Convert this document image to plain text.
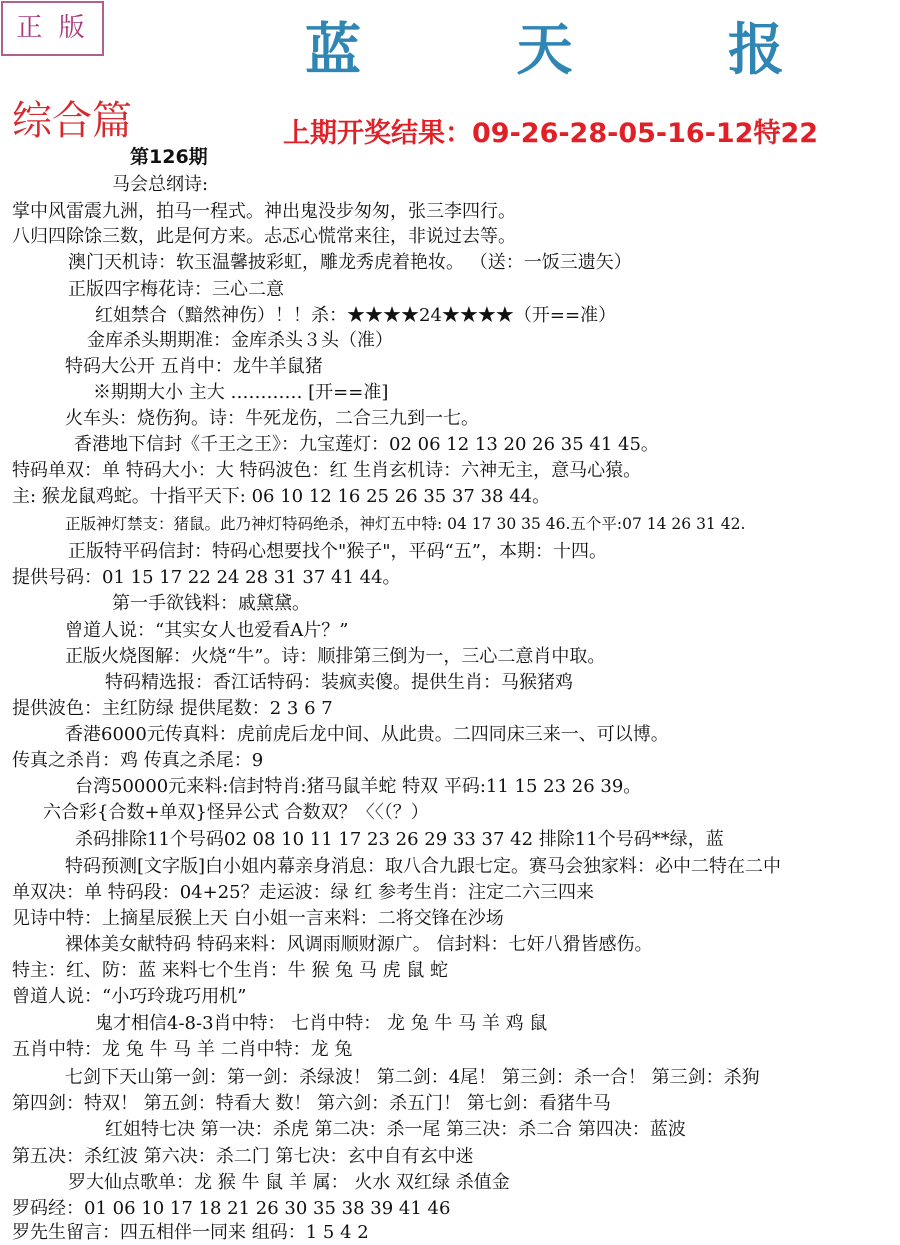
正 版	蓝 天 报
综合篇	上期开奖结果：09-26-28-05-16-12特22
第126期
马会总纲诗:
掌中风雷震九洲，拍马一程式。神出鬼没步匆匆，张三李四行。
八归四除馀三数，此是何方来。忐忑心慌常来往，非说过去等。
澳门天机诗：软玉温馨披彩虹，雕龙秀虎着艳妆。 （送：一饭三遗矢）
正版四字梅花诗：三心二意
红姐禁合（黯然神伤）！！杀：★★★★24★★★★（开==准）
金库杀头期期准：金库杀头３头（准）
特码大公开 五肖中：龙牛羊鼠猪
※期期大小 主大 ………… [开==准]
火车头：烧伤狗。诗：牛死龙伤，二合三九到一七。
香港地下信封《千王之王》：九宝莲灯：02 06 12 13 20 26 35 41 45。
特码单双：单 特码大小：大 特码波色：红 生肖玄机诗：六神无主，意马心猿。
主: 猴龙鼠鸡蛇。十指平天下: 06 10 12 16 25 26 35 37 38 44。
正版神灯禁支：猪鼠。此乃神灯特码绝杀，神灯五中特: 04 17 30 35 46.五个平:07 14 26 31 42.
正版特平码信封：特码心想要找个"猴子"，平码“五”，本期：十四。
提供号码：01 15 17 22 24 28 31 37 41 44。
第一手欲钱料：戚黛黛。
曾道人说：“其实女人也爱看A片？”
正版火烧图解：火烧“牛”。诗：顺排第三倒为一，三心二意肖中取。
特码精选报：香江话特码：装疯卖傻。提供生肖：马猴猪鸡
提供波色：主红防绿 提供尾数：2 3 6 7
香港6000元传真料：虎前虎后龙中间、从此贵。二四同床三来一、可以博。
传真之杀肖：鸡 传真之杀尾：9
台湾50000元来料:信封特肖:猪马鼠羊蛇 特双 平码:11 15 23 26 39。
六合彩{合数+单双}怪异公式 合数双？〈〈（？）
杀码排除11个号码02 08 10 11 17 23 26 29 33 37 42 排除11个号码**绿，蓝
特码预测[文字版]白小姐内幕亲身消息：取八合九跟七定。赛马会独家料：必中二特在二中
单双决：单 特码段：04+25？走运波：绿 红 参考生肖：注定二六三四来
见诗中特：上摘星辰猴上天 白小姐一言来料：二将交锋在沙场
裸体美女献特码 特码来料：风调雨顺财源广。 信封料：七奸八猾皆感伤。
特主：红、防：蓝 来料七个生肖：牛 猴 兔 马 虎 鼠 蛇
曾道人说：“小巧玲珑巧用机”
鬼才相信4-8-3肖中特： 七肖中特： 龙 兔 牛 马 羊 鸡 鼠
五肖中特：龙 兔 牛 马 羊 二肖中特：龙 兔
七剑下天山第一剑：第一剑：杀绿波！ 第二剑：4尾！ 第三剑：杀一合！ 第三剑：杀狗
第四剑：特双！ 第五剑：特看大 数！ 第六剑：杀五门！ 第七剑：看猪牛马
红姐特七决 第一决：杀虎 第二决：杀一尾 第三决：杀二合 第四决：蓝波
第五决：杀红波 第六决：杀二门 第七决：玄中自有玄中迷
罗大仙点歌单：龙 猴 牛 鼠 羊 属： 火水 双红绿 杀值金
罗码经：01 06 10 17 18 21 26 30 35 38 39 41 46
罗先生留言：四五相伴一同来 组码：1 5 4 2
